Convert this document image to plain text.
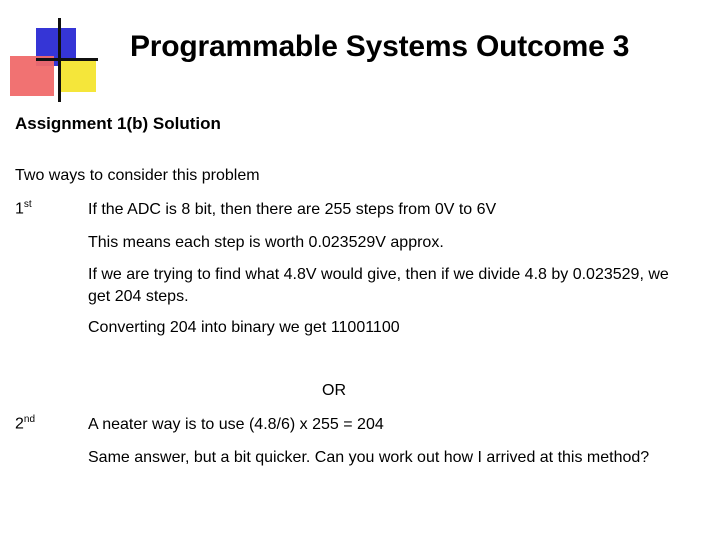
Programmable Systems Outcome 3
Assignment 1(b) Solution
Two ways to consider this problem
1st	If the ADC is 8 bit, then there are 255 steps from 0V to 6V
This means each step is worth 0.023529V approx.
If we are trying to find what 4.8V would give, then if we divide 4.8 by 0.023529, we get 204 steps.
Converting 204 into binary we get 11001100
OR
2nd	A neater way is to use (4.8/6) x 255 = 204
Same answer, but a bit quicker. Can you work out how I arrived at this method?
